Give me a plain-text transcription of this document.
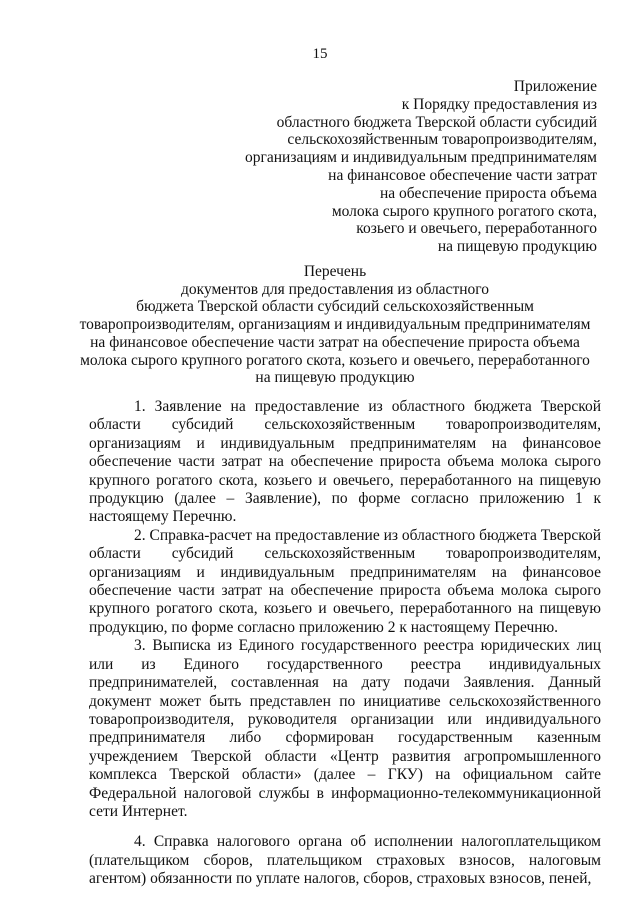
15
Приложение
к Порядку предоставления из
областного бюджета Тверской области субсидий
сельскохозяйственным товаропроизводителям,
организациям и индивидуальным предпринимателям
на финансовое обеспечение части затрат
на обеспечение прироста объема
молока сырого крупного рогатого скота,
козьего и овечьего, переработанного
на пищевую продукцию
Перечень
документов для предоставления из областного
бюджета Тверской области субсидий сельскохозяйственным
товаропроизводителям, организациям и индивидуальным предпринимателям
на финансовое обеспечение части затрат на обеспечение прироста объема
молока сырого крупного рогатого скота, козьего и овечьего, переработанного
на пищевую продукцию

1. Заявление на предоставление из областного бюджета Тверской области субсидий сельскохозяйственным товаропроизводителям, организациям и индивидуальным предпринимателям на финансовое обеспечение части затрат на обеспечение прироста объема молока сырого крупного рогатого скота, козьего и овечьего, переработанного на пищевую продукцию (далее – Заявление), по форме согласно приложению 1 к настоящему Перечню.

2. Справка-расчет на предоставление из областного бюджета Тверской области субсидий сельскохозяйственным товаропроизводителям, организациям и индивидуальным предпринимателям на финансовое обеспечение части затрат на обеспечение прироста объема молока сырого крупного рогатого скота, козьего и овечьего, переработанного на пищевую продукцию, по форме согласно приложению 2 к настоящему Перечню.

3. Выписка из Единого государственного реестра юридических лиц или из Единого государственного реестра индивидуальных предпринимателей, составленная на дату подачи Заявления. Данный документ может быть представлен по инициативе сельскохозяйственного товаропроизводителя, руководителя организации или индивидуального предпринимателя либо сформирован государственным казенным учреждением Тверской области «Центр развития агропромышленного комплекса Тверской области» (далее – ГКУ) на официальном сайте Федеральной налоговой службы в информационно-телекоммуникационной сети Интернет.

4. Справка налогового органа об исполнении налогоплательщиком (плательщиком сборов, плательщиком страховых взносов, налоговым агентом) обязанности по уплате налогов, сборов, страховых взносов, пеней,
